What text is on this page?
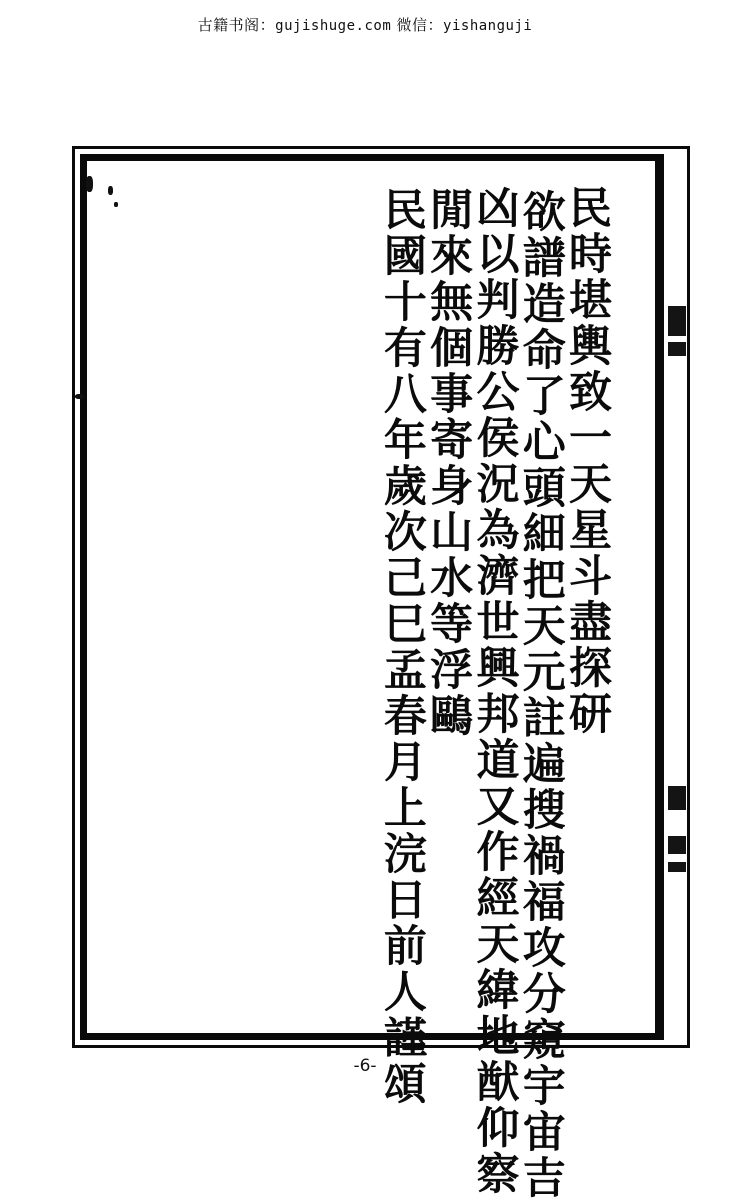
古籍书阁：gujishuge.com 微信：yishanguji
民時堪輿致一天星斗盡探研
欲譜造命了心頭細把天元註遍搜禍福攻分窺宇宙吉
凶以判勝公侯況為濟世興邦道又作經天緯地猷仰察
閒來無個事寄身山水等浮鷗
民國十有八年歲次己巳孟春月上浣日前人謹頌
-6-
